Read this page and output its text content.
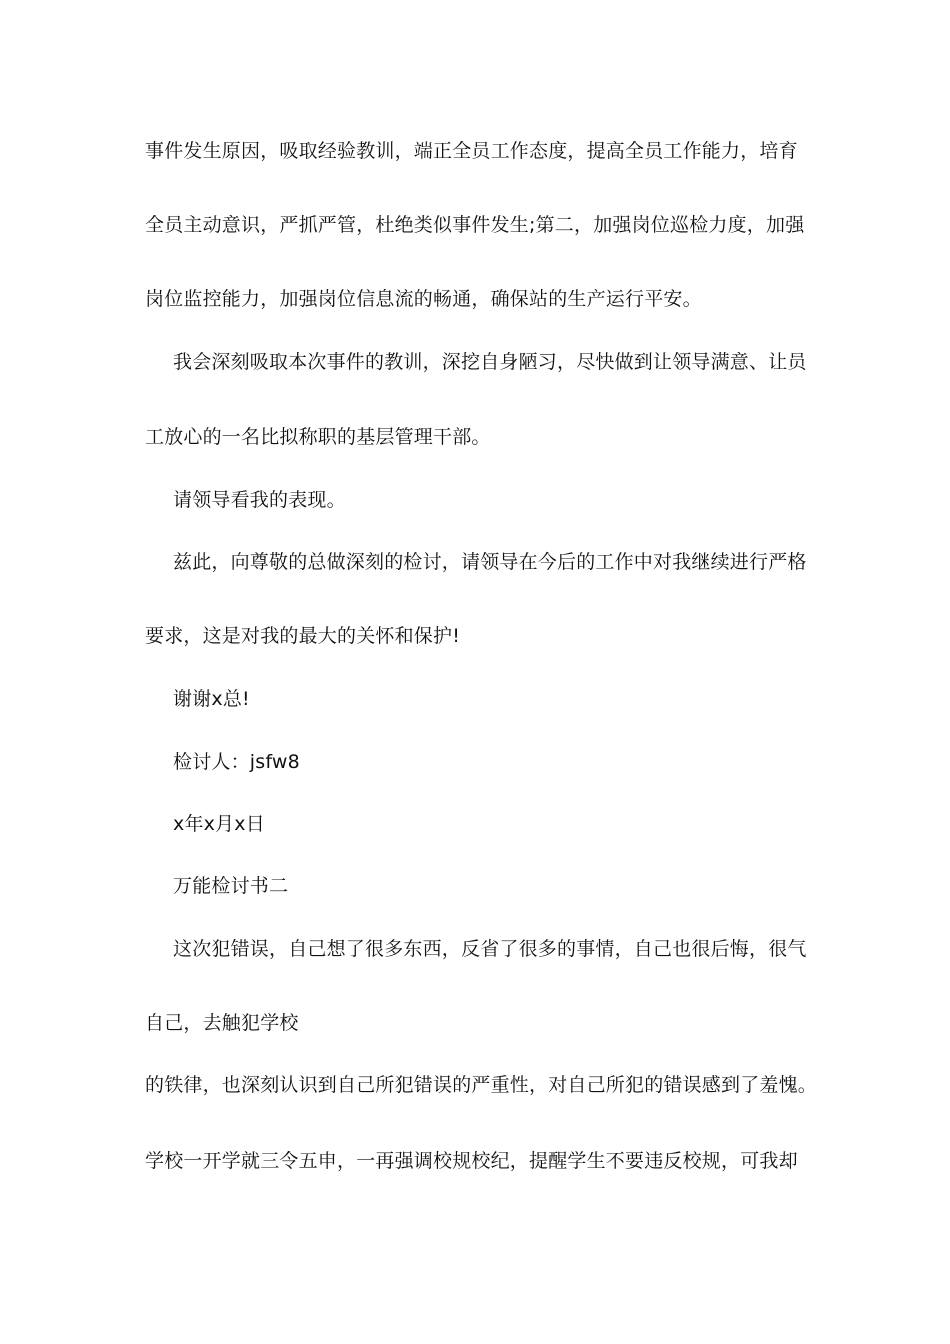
事件发生原因，吸取经验教训，端正全员工作态度，提高全员工作能力，培育

全员主动意识，严抓严管，杜绝类似事件发生;第二，加强岗位巡检力度，加强

岗位监控能力，加强岗位信息流的畅通，确保站的生产运行平安。

我会深刻吸取本次事件的教训，深挖自身陋习，尽快做到让领导满意、让员

工放心的一名比拟称职的基层管理干部。

请领导看我的表现。

兹此，向尊敬的总做深刻的检讨，请领导在今后的工作中对我继续进行严格

要求，这是对我的最大的关怀和保护!

谢谢x总!

检讨人：jsfw8

x年x月x日

万能检讨书二

这次犯错误，自己想了很多东西，反省了很多的事情，自己也很后悔，很气

自己，去触犯学校

的铁律，也深刻认识到自己所犯错误的严重性，对自己所犯的错误感到了羞愧。

学校一开学就三令五申，一再强调校规校纪，提醒学生不要违反校规，可我却
